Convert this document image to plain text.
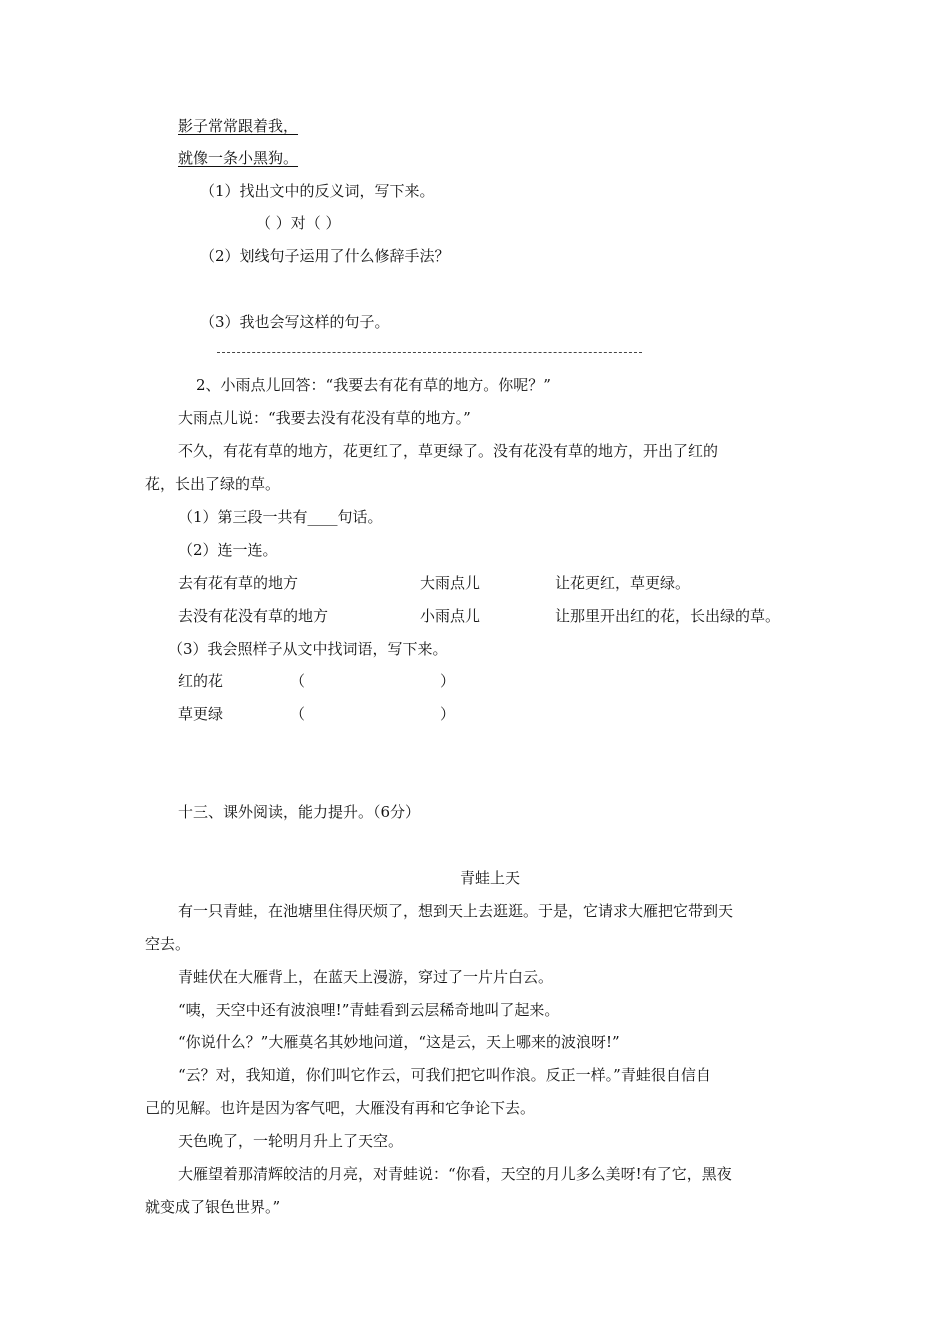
影子常常跟着我，
就像一条小黑狗。
（1）找出文中的反义词，写下来。
（ ）对（ ）
（2）划线句子运用了什么修辞手法？
（3）我也会写这样的句子。
2、小雨点儿回答：“我要去有花有草的地方。你呢？”
大雨点儿说：“我要去没有花没有草的地方。”
不久，有花有草的地方，花更红了，草更绿了。没有花没有草的地方，开出了红的
花，长出了绿的草。
（1）第三段一共有____句话。
（2）连一连。
去有花有草的地方	大雨点儿	让花更红，草更绿。
去没有花没有草的地方	小雨点儿	让那里开出红的花，长出绿的草。
（3）我会照样子从文中找词语，写下来。
红的花	（	）
草更绿	（	）
十三、课外阅读，能力提升。（6分）
青蛙上天
有一只青蛙，在池塘里住得厌烦了，想到天上去逛逛。于是，它请求大雁把它带到天
空去。
青蛙伏在大雁背上，在蓝天上漫游，穿过了一片片白云。
“咦，天空中还有波浪哩!”青蛙看到云层稀奇地叫了起来。
“你说什么？”大雁莫名其妙地问道，“这是云，天上哪来的波浪呀!”
“云？对，我知道，你们叫它作云，可我们把它叫作浪。反正一样。”青蛙很自信自
己的见解。也许是因为客气吧，大雁没有再和它争论下去。
天色晚了，一轮明月升上了天空。
大雁望着那清辉皎洁的月亮，对青蛙说：“你看，天空的月儿多么美呀!有了它，黑夜
就变成了银色世界。”
